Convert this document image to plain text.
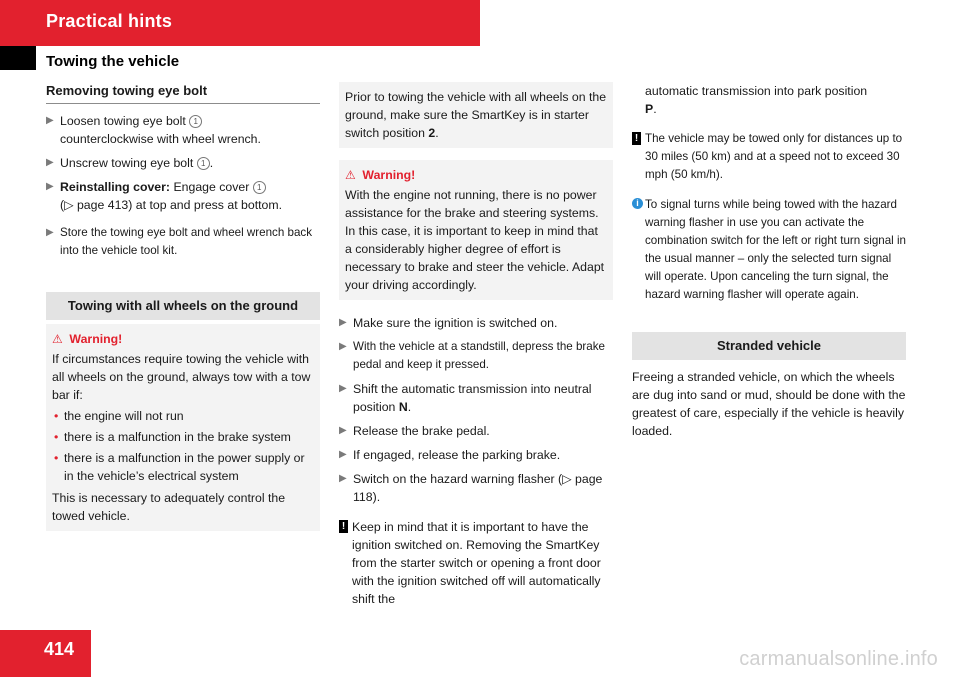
Practical hints
Towing the vehicle
Removing towing eye bolt
▶ Loosen towing eye bolt 1
counterclockwise with wheel wrench.
▶ Unscrew towing eye bolt 1 .
▶ Reinstalling cover: Engage cover 1
(▷ page 413) at top and press at bottom.
▶ Store the towing eye bolt and wheel wrench back into the vehicle tool kit.
Towing with all wheels on the ground
⚠ Warning!
If circumstances require towing the vehicle with all wheels on the ground, always tow with a tow bar if:
• the engine will not run
• there is a malfunction in the brake system
• there is a malfunction in the power supply or in the vehicle’s electrical system
This is necessary to adequately control the towed vehicle.
Prior to towing the vehicle with all wheels on the ground, make sure the SmartKey is in starter switch position 2.
⚠ Warning!
With the engine not running, there is no power assistance for the brake and steering systems. In this case, it is important to keep in mind that a considerably higher degree of effort is necessary to brake and steer the vehicle. Adapt your driving accordingly.
▶ Make sure the ignition is switched on.
▶ With the vehicle at a standstill, depress the brake pedal and keep it pressed.
▶ Shift the automatic transmission into neutral position N.
▶ Release the brake pedal.
▶ If engaged, release the parking brake.
▶ Switch on the hazard warning flasher (▷ page 118).
! Keep in mind that it is important to have the ignition switched on. Removing the SmartKey from the starter switch or opening a front door with the ignition switched off will automatically shift the
automatic transmission into park position
P.
! The vehicle may be towed only for distances up to 30 miles (50 km) and at a speed not to exceed 30 mph (50 km/h).
i To signal turns while being towed with the hazard warning flasher in use you can activate the combination switch for the left or right turn signal in the usual manner – only the selected turn signal will operate. Upon canceling the turn signal, the hazard warning flasher will operate again.
Stranded vehicle
Freeing a stranded vehicle, on which the wheels are dug into sand or mud, should be done with the greatest of care, especially if the vehicle is heavily loaded.
414	carmanualsonline.info
